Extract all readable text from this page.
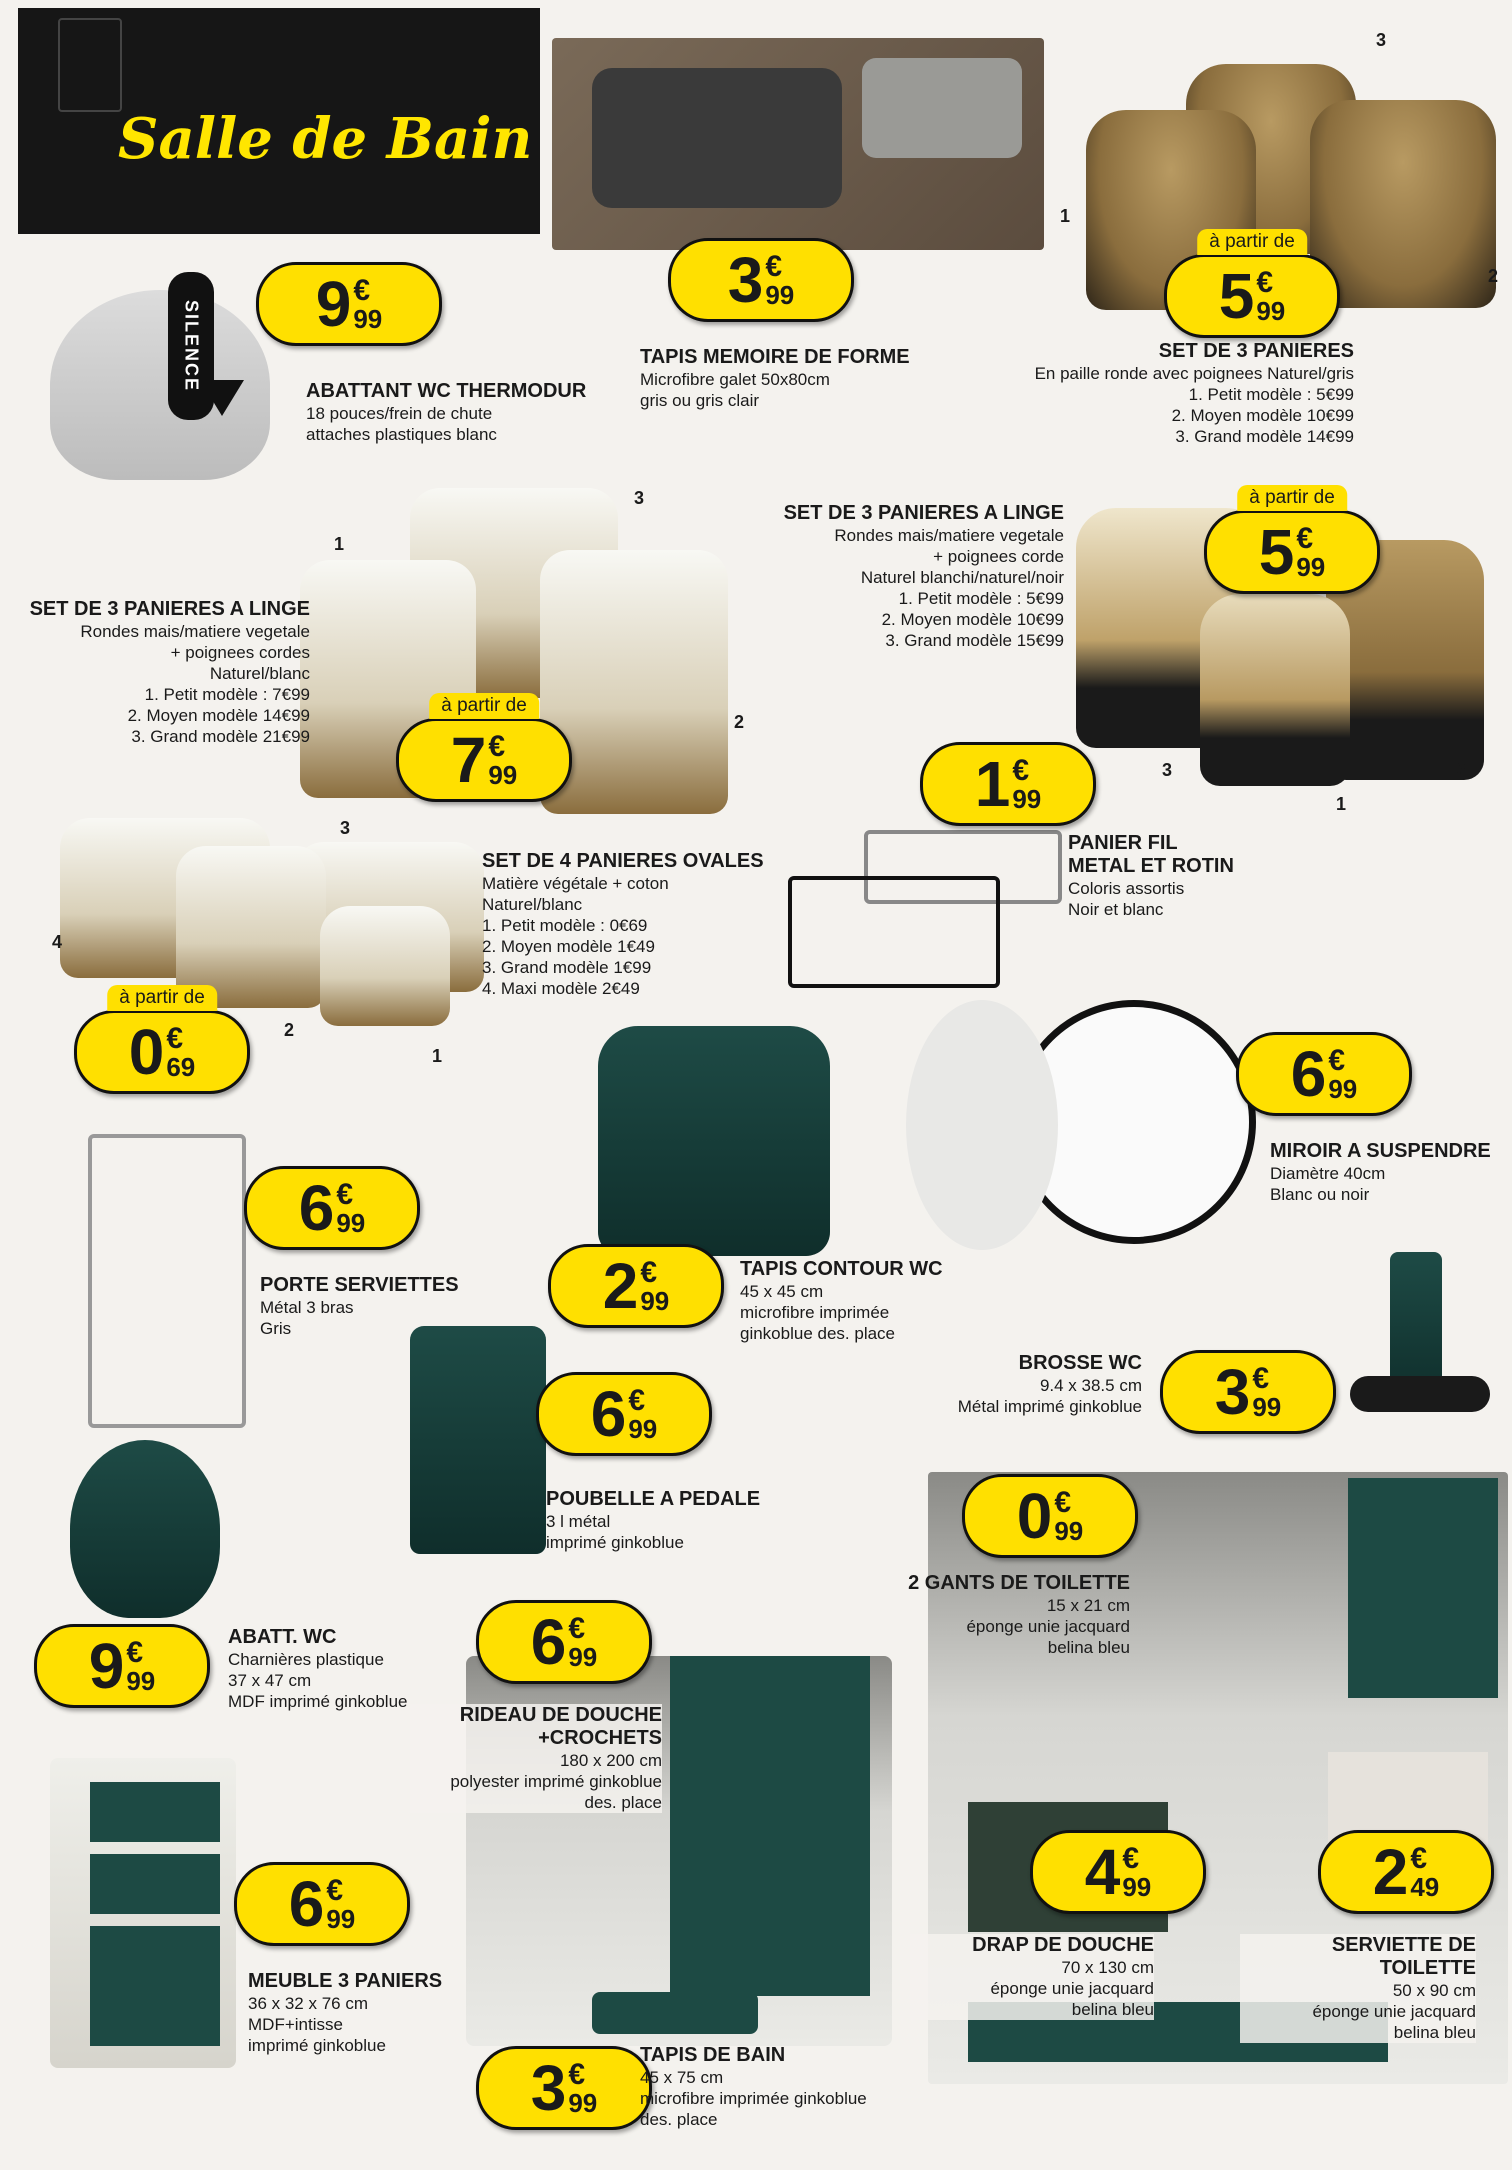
Salle de Bain
SILENCE 9 €
99
ABATTANT WC THERMODUR
18 pouces/frein de chute
attaches plastiques blanc
3 €
99
TAPIS MEMOIRE DE FORME
Microfibre galet 50x80cm
gris ou gris clair
3
1
2
à partir de
5 €
99
SET DE 3 PANIERES
En paille ronde avec poignees Naturel/gris
1. Petit modèle : 5€99
2. Moyen modèle 10€99
3. Grand modèle 14€99
3
1
2
à partir de
7 €
99
SET DE 3 PANIERES A LINGE
Rondes mais/matiere vegetale
+ poignees cordes
Naturel/blanc
1. Petit modèle : 7€99
2. Moyen modèle 14€99
3. Grand modèle 21€99
3
1
2
à partir de
5 €
99
SET DE 3 PANIERES A LINGE
Rondes mais/matiere vegetale
+ poignees corde
Naturel blanchi/naturel/noir
1. Petit modèle : 5€99
2. Moyen modèle 10€99
3. Grand modèle 15€99
3
4
2
1
à partir de
0 €
69
SET DE 4 PANIERES OVALES
Matière végétale + coton
Naturel/blanc
1. Petit modèle : 0€69
2. Moyen modèle 1€49
3. Grand modèle 1€99
4. Maxi modèle 2€49
1 €
99
PANIER FIL
METAL ET ROTIN
Coloris assortis
Noir et blanc
6 €
99
MIROIR A SUSPENDRE
Diamètre 40cm
Blanc ou noir
6 €
99
PORTE SERVIETTES
Métal 3 bras
Gris
2 €
99
TAPIS CONTOUR WC
45 x 45 cm
microfibre imprimée
ginkoblue des. place
3 €
99
BROSSE WC
9.4 x 38.5 cm
Métal imprimé ginkoblue
6 €
99
POUBELLE A PEDALE
3 l métal
imprimé ginkoblue
9 €
99
ABATT. WC
Charnières plastique
37 x 47 cm
MDF imprimé ginkoblue
0 €
99
2 GANTS DE TOILETTE
15 x 21 cm
éponge unie jacquard
belina bleu
6 €
99
RIDEAU DE DOUCHE
+CROCHETS
180 x 200 cm
polyester imprimé ginkoblue
des. place
6 €
99
MEUBLE 3 PANIERS
36 x 32 x 76 cm
MDF+intisse
imprimé ginkoblue
4 €
99
DRAP DE DOUCHE
70 x 130 cm
éponge unie jacquard
belina bleu
2 €
49
SERVIETTE DE TOILETTE
50 x 90 cm
éponge unie jacquard
belina bleu
3 €
99
TAPIS DE BAIN
45 x 75 cm
microfibre imprimée ginkoblue
des. place
